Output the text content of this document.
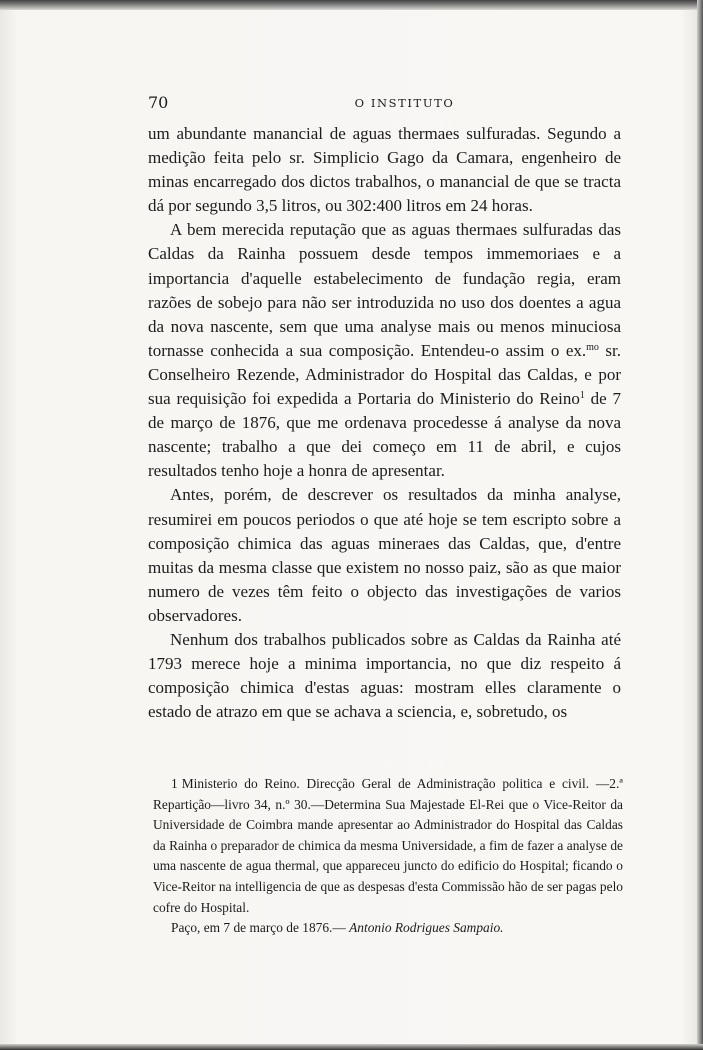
70	O INSTITUTO

um abundante manancial de aguas thermaes sulfuradas. Segundo a medição feita pelo sr. Simplicio Gago da Camara, engenheiro de minas encarregado dos dictos trabalhos, o manancial de que se tracta dá por segundo 3,5 litros, ou 302:400 litros em 24 horas.

A bem merecida reputação que as aguas thermaes sulfuradas das Caldas da Rainha possuem desde tempos immemoriaes e a importancia d'aquelle estabelecimento de fundação regia, eram razões de sobejo para não ser introduzida no uso dos doentes a agua da nova nascente, sem que uma analyse mais ou menos minuciosa tornasse conhecida a sua composição. Entendeu-o assim o ex.$^{mo}$ sr. Conselheiro Rezende, Administrador do Hospital das Caldas, e por sua requisição foi expedida a Portaria do Ministerio do Reino$^1$ de 7 de março de 1876, que me ordenava procedesse á analyse da nova nascente; trabalho a que dei começo em 11 de abril, e cujos resultados tenho hoje a honra de apresentar.

Antes, porém, de descrever os resultados da minha analyse, resumirei em poucos periodos o que até hoje se tem escripto sobre a composição chimica das aguas mineraes das Caldas, que, d'entre muitas da mesma classe que existem no nosso paiz, são as que maior numero de vezes têm feito o objecto das investigações de varios observadores.

Nenhum dos trabalhos publicados sobre as Caldas da Rainha até 1793 merece hoje a minima importancia, no que diz respeito á composição chimica d'estas aguas: mostram elles claramente o estado de atrazo em que se achava a sciencia, e, sobretudo, os

1 Ministerio do Reino. Direcção Geral de Administração politica e civil. —2.ª Repartição—livro 34, n.º 30.—Determina Sua Majestade El-Rei que o Vice-Reitor da Universidade de Coimbra mande apresentar ao Administrador do Hospital das Caldas da Rainha o preparador de chimica da mesma Universidade, a fim de fazer a analyse de uma nascente de agua thermal, que appareceu juncto do edificio do Hospital; ficando o Vice-Reitor na intelligencia de que as despesas d'esta Commissão hão de ser pagas pelo cofre do Hospital.

Paço, em 7 de março de 1876.— Antonio Rodrigues Sampaio.
